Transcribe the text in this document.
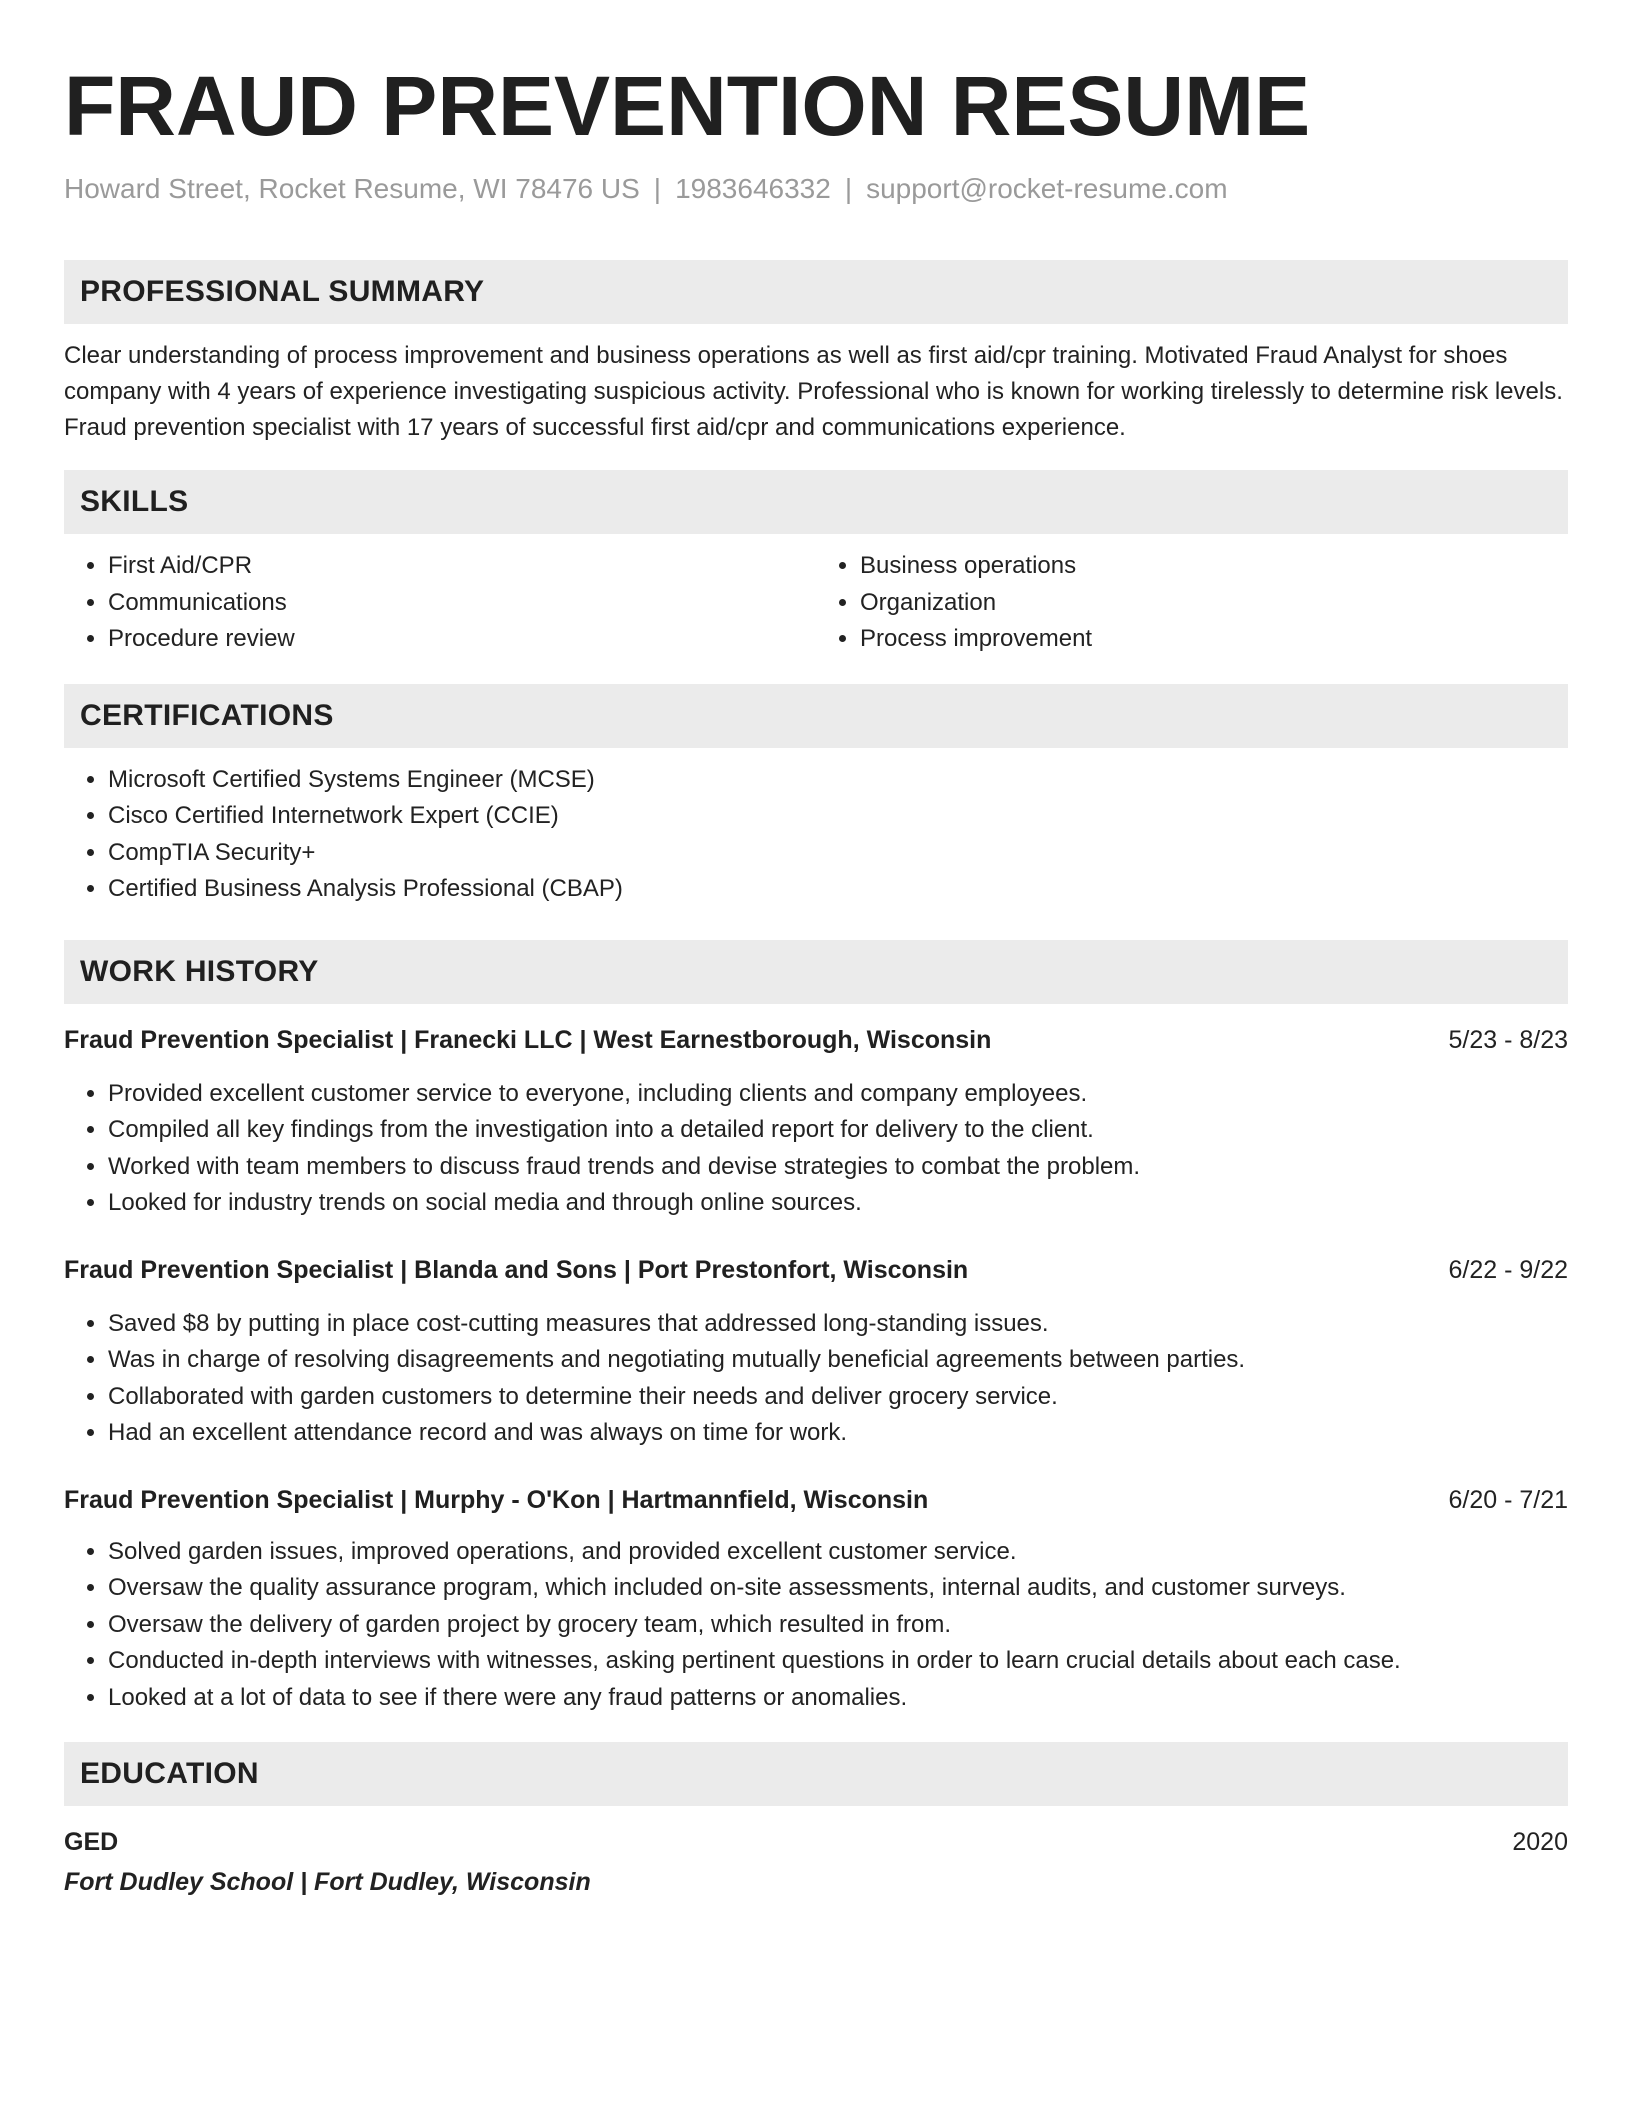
FRAUD PREVENTION RESUME
Howard Street, Rocket Resume, WI 78476 US | 1983646332 | support@rocket-resume.com
PROFESSIONAL SUMMARY
Clear understanding of process improvement and business operations as well as first aid/cpr training. Motivated Fraud Analyst for shoes company with 4 years of experience investigating suspicious activity. Professional who is known for working tirelessly to determine risk levels. Fraud prevention specialist with 17 years of successful first aid/cpr and communications experience.
SKILLS
• First Aid/CPR
• Communications
• Procedure review
• Business operations
• Organization
• Process improvement
CERTIFICATIONS
• Microsoft Certified Systems Engineer (MCSE)
• Cisco Certified Internetwork Expert (CCIE)
• CompTIA Security+
• Certified Business Analysis Professional (CBAP)
WORK HISTORY
Fraud Prevention Specialist | Franecki LLC | West Earnestborough, Wisconsin	5/23 - 8/23
• Provided excellent customer service to everyone, including clients and company employees.
• Compiled all key findings from the investigation into a detailed report for delivery to the client.
• Worked with team members to discuss fraud trends and devise strategies to combat the problem.
• Looked for industry trends on social media and through online sources.
Fraud Prevention Specialist | Blanda and Sons | Port Prestonfort, Wisconsin	6/22 - 9/22
• Saved $8 by putting in place cost-cutting measures that addressed long-standing issues.
• Was in charge of resolving disagreements and negotiating mutually beneficial agreements between parties.
• Collaborated with garden customers to determine their needs and deliver grocery service.
• Had an excellent attendance record and was always on time for work.
Fraud Prevention Specialist | Murphy - O'Kon | Hartmannfield, Wisconsin	6/20 - 7/21
• Solved garden issues, improved operations, and provided excellent customer service.
• Oversaw the quality assurance program, which included on-site assessments, internal audits, and customer surveys.
• Oversaw the delivery of garden project by grocery team, which resulted in from.
• Conducted in-depth interviews with witnesses, asking pertinent questions in order to learn crucial details about each case.
• Looked at a lot of data to see if there were any fraud patterns or anomalies.
EDUCATION
GED	2020
Fort Dudley School | Fort Dudley, Wisconsin
